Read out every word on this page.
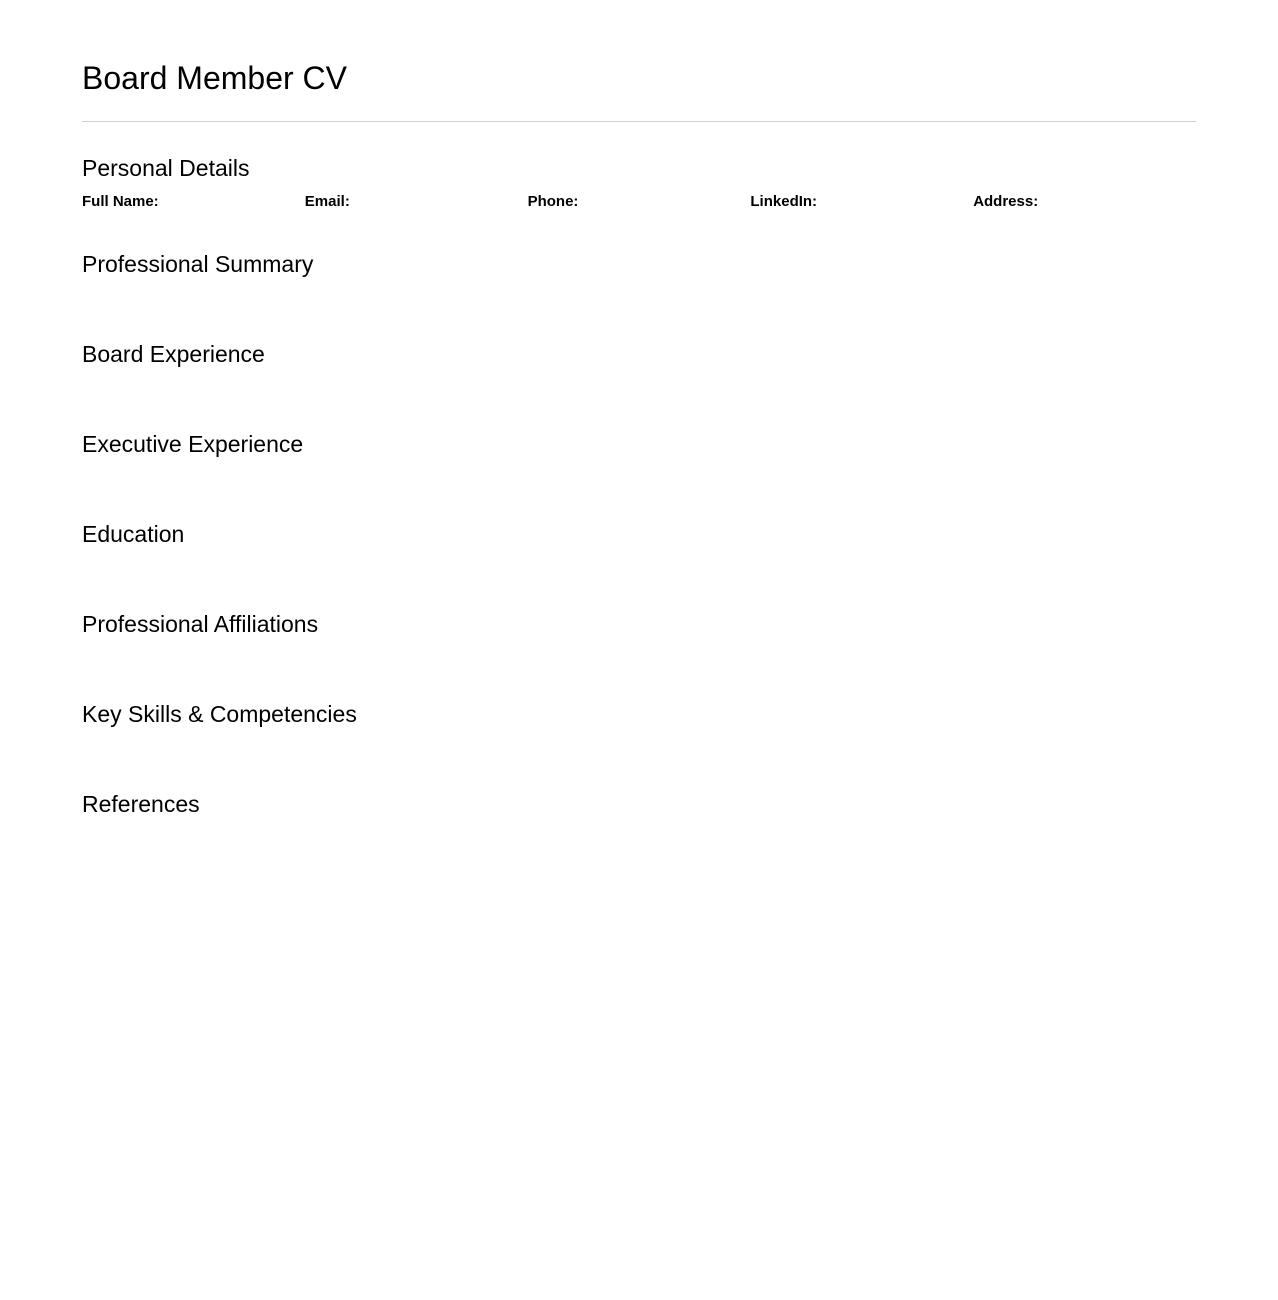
Board Member CV
Personal Details
Full Name:	Email:	Phone:	LinkedIn:	Address:
Professional Summary
Board Experience
Executive Experience
Education
Professional Affiliations
Key Skills & Competencies
References
